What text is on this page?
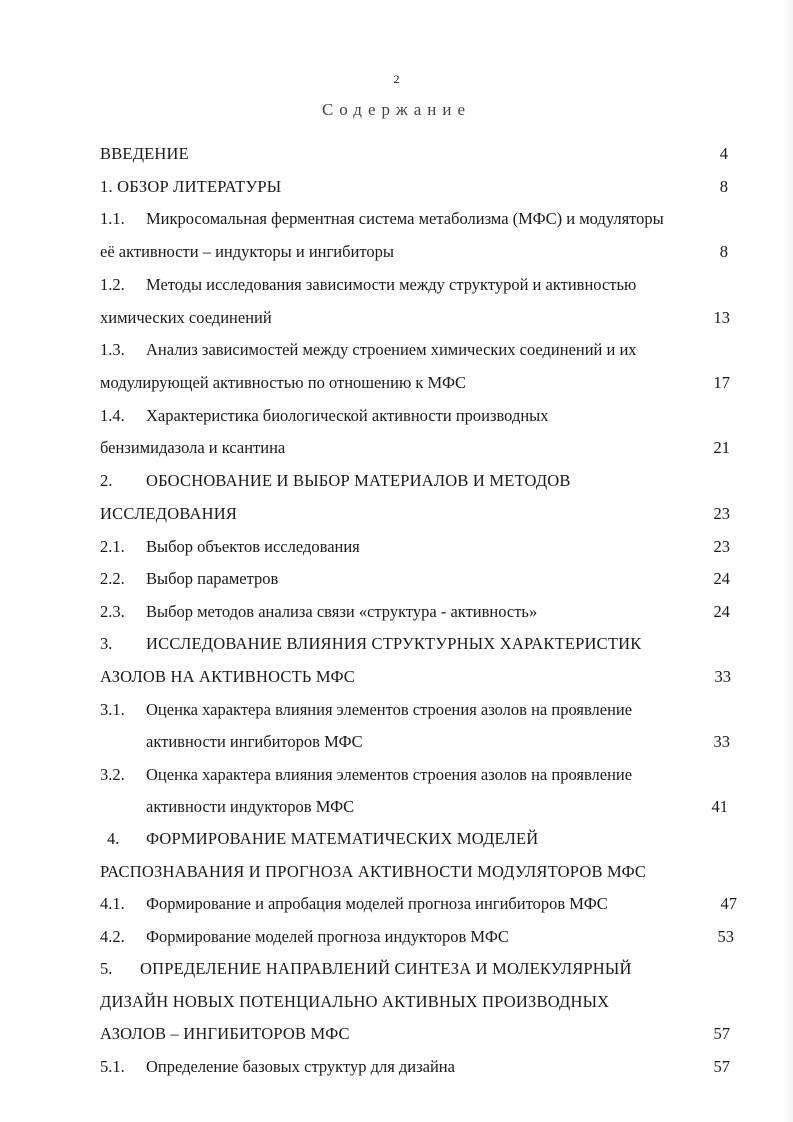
2
Содержание
ВВЕДЕНИЕ	4
1. ОБЗОР ЛИТЕРАТУРЫ	8
1.1. Микросомальная ферментная система метаболизма (МФС) и модуляторы
её активности – индукторы и ингибиторы	8
1.2. Методы исследования зависимости между структурой и активностью
химических соединений	13
1.3. Анализ зависимостей между строением химических соединений и их
модулирующей активностью по отношению к МФС	17
1.4. Характеристика биологической активности производных
бензимидазола и ксантина	21
2. ОБОСНОВАНИЕ И ВЫБОР МАТЕРИАЛОВ И МЕТОДОВ
ИССЛЕДОВАНИЯ	23
2.1. Выбор объектов исследования	23
2.2. Выбор параметров	24
2.3. Выбор методов анализа связи «структура - активность»	24
3. ИССЛЕДОВАНИЕ ВЛИЯНИЯ СТРУКТУРНЫХ ХАРАКТЕРИСТИК
АЗОЛОВ НА АКТИВНОСТЬ МФС	33
3.1. Оценка характера влияния элементов строения азолов на проявление
активности ингибиторов МФС	33
3.2. Оценка характера влияния элементов строения азолов на проявление
активности индукторов МФС	41
4. ФОРМИРОВАНИЕ МАТЕМАТИЧЕСКИХ МОДЕЛЕЙ
РАСПОЗНАВАНИЯ И ПРОГНОЗА АКТИВНОСТИ МОДУЛЯТОРОВ МФС
4.1. Формирование и апробация моделей прогноза ингибиторов МФС	47
4.2. Формирование моделей прогноза индукторов МФС	53
5. ОПРЕДЕЛЕНИЕ НАПРАВЛЕНИЙ СИНТЕЗА И МОЛЕКУЛЯРНЫЙ
ДИЗАЙН НОВЫХ ПОТЕНЦИАЛЬНО АКТИВНЫХ ПРОИЗВОДНЫХ
АЗОЛОВ – ИНГИБИТОРОВ МФС	57
5.1. Определение базовых структур для дизайна	57
